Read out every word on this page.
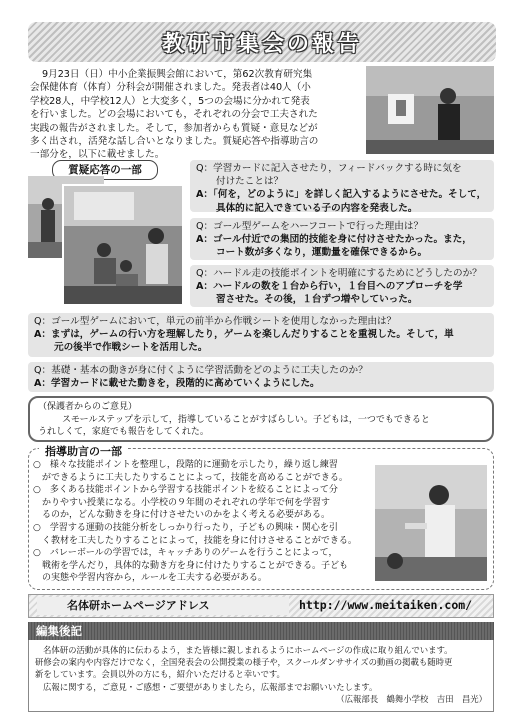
教研市集会の報告
9月23日（日）中小企業振興会館において，第62次教育研究集
会保健体育（体育）分科会が開催されました。発表者は40人（小
学校28人，中学校12人）と大変多く，5つの会場に分かれて発表
を行いました。どの会場においても，それぞれの分会で工夫された
実践の報告がされました。そして，参加者からも質疑・意見などが
多く出され，活発な話し合いとなりました。質疑応答や指導助言の
一部分を，以下に載せました。
質疑応答の一部	Q：学習カードに記入させたり，フィードバックする時に気を
付けたことは？
A：「何を，どのように」を詳しく記入するようにさせた。そして，
具体的に記入できている子の内容を発表した。
Q：ゴール型ゲームをハーフコートで行った理由は？
A：ゴール付近での集団的技能を身に付けさせたかった。また，
コート数が多くなり，運動量を確保できるから。
Q：ハードル走の技能ポイントを明確にするためにどうしたのか？
A：ハードルの数を１台から行い，１台目へのアプローチを学
習させた。その後，１台ずつ増やしていった。
Q：ゴール型ゲームにおいて，単元の前半から作戦シートを使用しなかった理由は？
A：まずは，ゲームの行い方を理解したり，ゲームを楽しんだりすることを重視した。そして，単
元の後半で作戦シートを活用した。
Q：基礎・基本の動きが身に付くように学習活動をどのように工夫したのか？
A：学習カードに載せた動きを，段階的に高めていくようにした。
（保護者からのご意見）
スモールステップを示して，指導していることがすばらしい。子どもは，一つでもできると
うれしくて，家庭でも報告をしてくれた。
指導助言の一部
○　様々な技能ポイントを整理し，段階的に運動を示したり，繰り返し練習
　ができるように工夫したりすることによって，技能を高めることができる。
○　多くある技能ポイントから学習する技能ポイントを絞ることによって分
　かりやすい授業になる。小学校の９年間のそれぞれの学年で何を学習す
　るのか，どんな動きを身に付けさせたいのかをよく考える必要がある。
○　学習する運動の技能分析をしっかり行ったり，子どもの興味・関心を引
　く教材を工夫したりすることによって，技能を身に付けさせることができる。
○　バレーボールの学習では，キャッチありのゲームを行うことによって，
　戦術を学んだり，具体的な動き方を身に付けたりすることができる。子ども
　の実態や学習内容から，ルールを工夫する必要がある。
名体研ホームページアドレス	http://www.meitaiken.com/
編集後記
名体研の活動が具体的に伝わるよう，また皆様に親しまれるようにホームページの作成に取り組んでいます。
研修会の案内や内容だけでなく，全国発表会の公開授業の様子や，スクールダンササイズの動画の掲載も随時更
新をしています。会員以外の方にも，紹介いただけると幸いです。
広報に関する，ご意見・ご感想・ご要望がありましたら，広報部までお願いいたします。
（広報部長　鶴舞小学校　吉田　昌光）
